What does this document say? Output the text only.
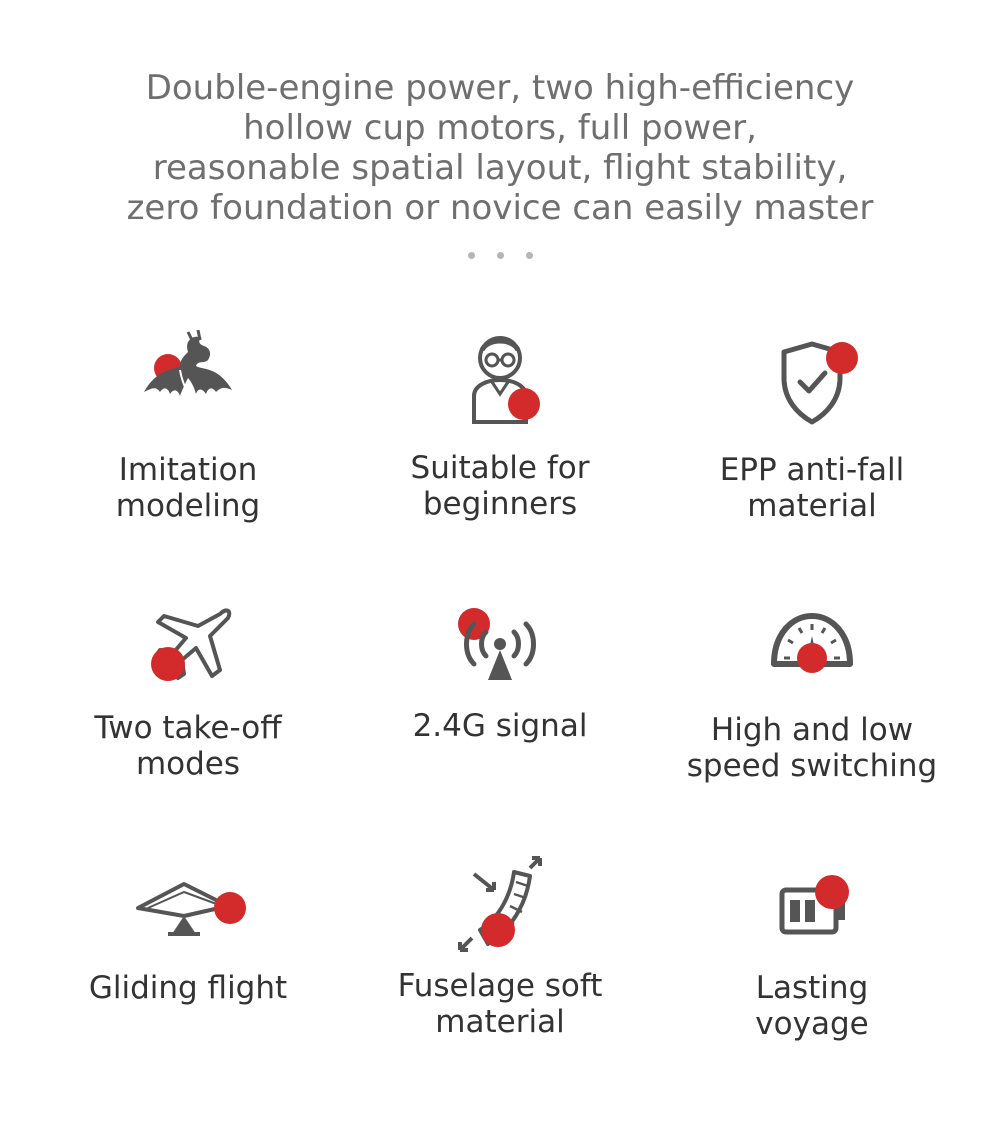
Double-engine power, two high-efficiency
hollow cup motors, full power,
reasonable spatial layout, flight stability,
zero foundation or novice can easily master
Imitation
modeling
Suitable for
beginners
EPP anti-fall
material
Two take-off
modes
2.4G signal	High and low
speed switching
Gliding flight	Fuselage soft
material
Lasting
voyage
